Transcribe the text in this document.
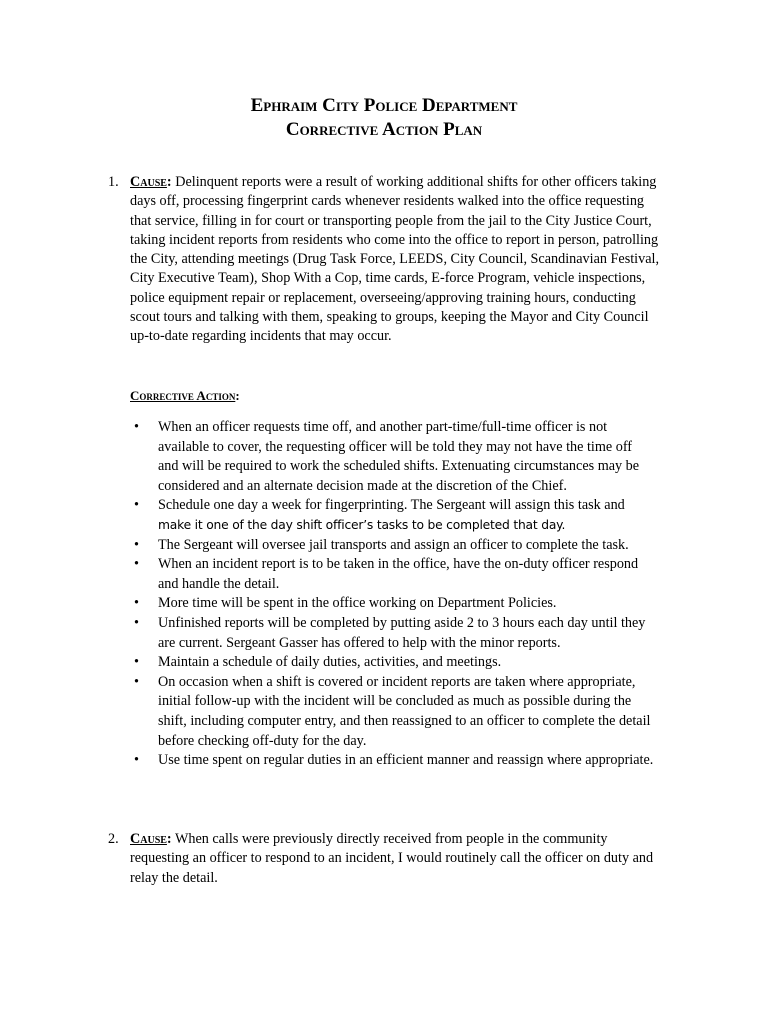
Ephraim City Police Department
Corrective Action Plan
1. Cause: Delinquent reports were a result of working additional shifts for other officers taking days off, processing fingerprint cards whenever residents walked into the office requesting that service, filling in for court or transporting people from the jail to the City Justice Court, taking incident reports from residents who come into the office to report in person, patrolling the City, attending meetings (Drug Task Force, LEEDS, City Council, Scandinavian Festival, City Executive Team), Shop With a Cop, time cards, E-force Program, vehicle inspections, police equipment repair or replacement, overseeing/approving training hours, conducting scout tours and talking with them, speaking to groups, keeping the Mayor and City Council up-to-date regarding incidents that may occur.
Corrective Action:
• When an officer requests time off, and another part-time/full-time officer is not available to cover, the requesting officer will be told they may not have the time off and will be required to work the scheduled shifts. Extenuating circumstances may be considered and an alternate decision made at the discretion of the Chief.
• Schedule one day a week for fingerprinting. The Sergeant will assign this task and
make it one of the day shift officer’s tasks to be completed that day.
• The Sergeant will oversee jail transports and assign an officer to complete the task.
• When an incident report is to be taken in the office, have the on-duty officer respond and handle the detail.
• More time will be spent in the office working on Department Policies.
• Unfinished reports will be completed by putting aside 2 to 3 hours each day until they are current. Sergeant Gasser has offered to help with the minor reports.
• Maintain a schedule of daily duties, activities, and meetings.
• On occasion when a shift is covered or incident reports are taken where appropriate, initial follow-up with the incident will be concluded as much as possible during the shift, including computer entry, and then reassigned to an officer to complete the detail before checking off-duty for the day.
• Use time spent on regular duties in an efficient manner and reassign where appropriate.
2. Cause: When calls were previously directly received from people in the community requesting an officer to respond to an incident, I would routinely call the officer on duty and relay the detail.
